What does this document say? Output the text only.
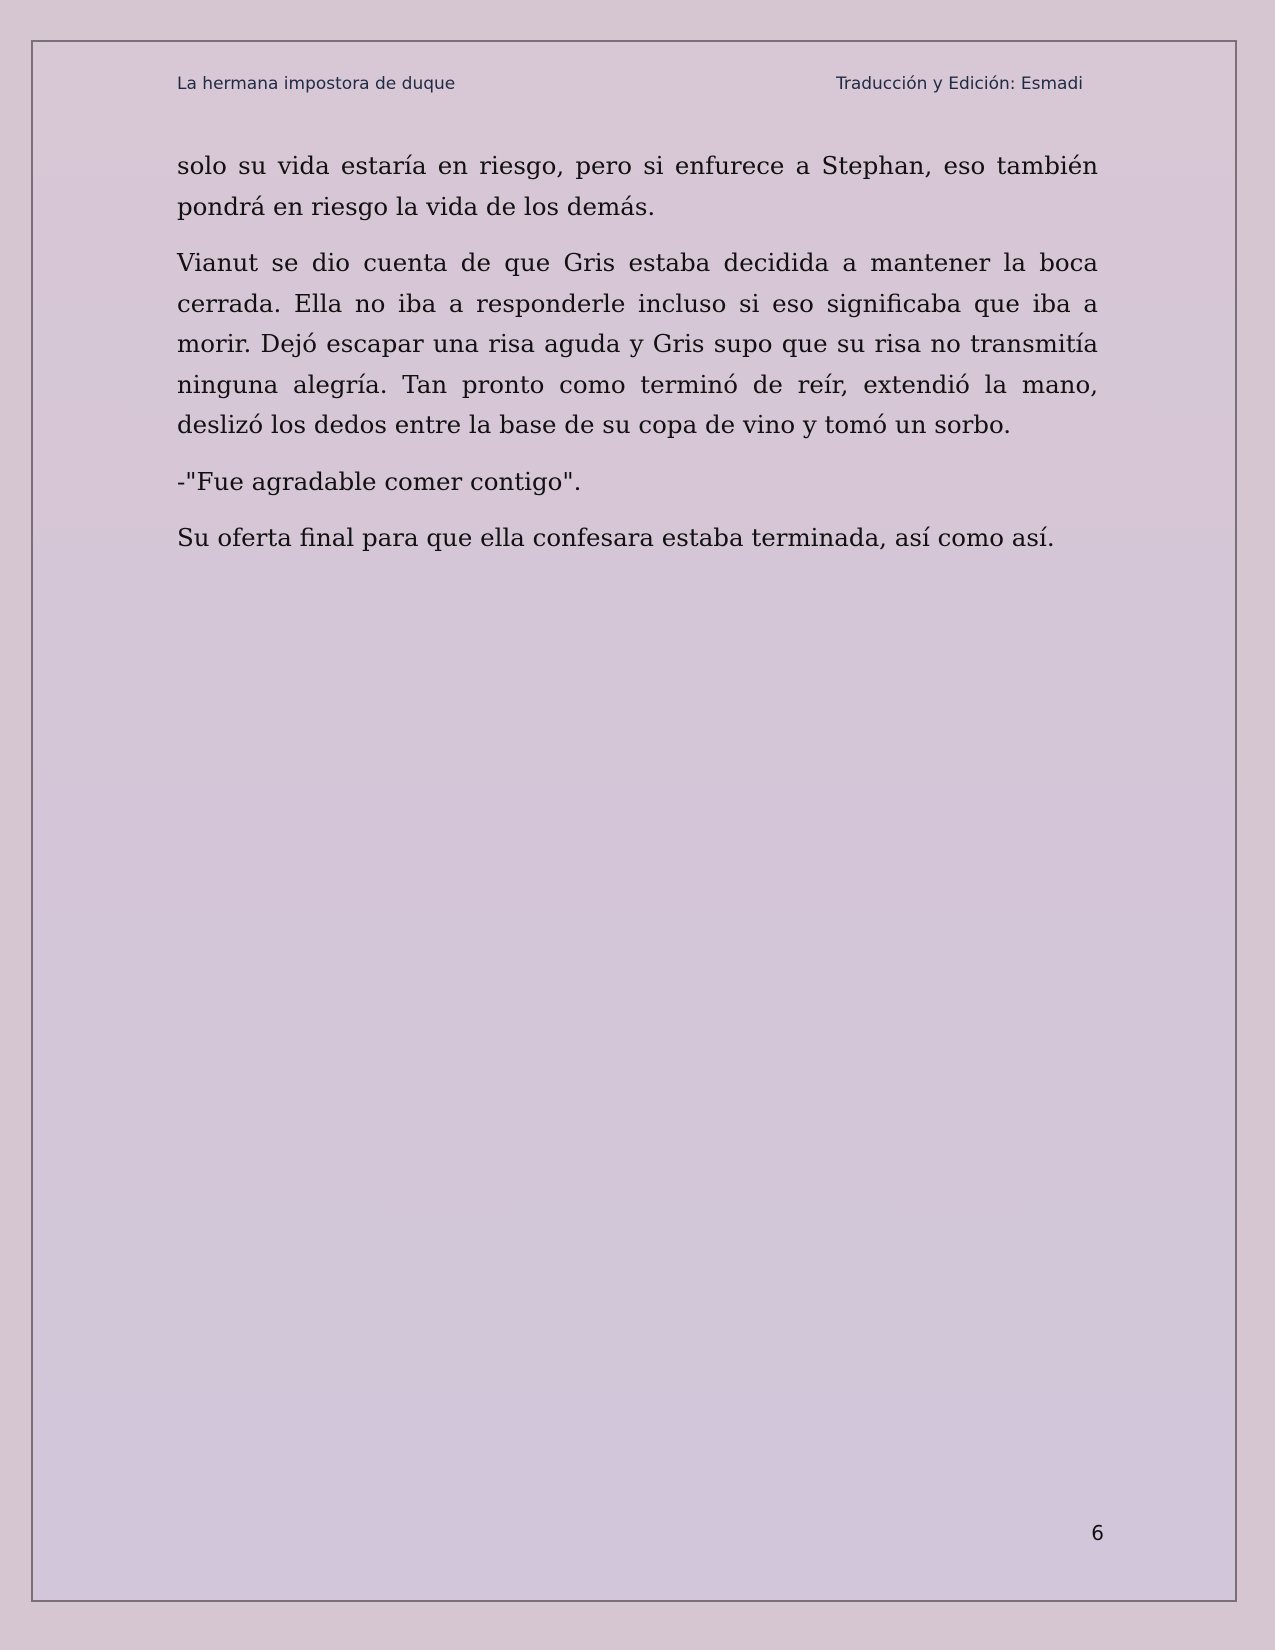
La hermana impostora de duque	Traducción y Edición: Esmadi

solo su vida estaría en riesgo, pero si enfurece a Stephan, eso también pondrá en riesgo la vida de los demás.

Vianut se dio cuenta de que Gris estaba decidida a mantener la boca cerrada. Ella no iba a responderle incluso si eso significaba que iba a morir. Dejó escapar una risa aguda y Gris supo que su risa no transmitía ninguna alegría. Tan pronto como terminó de reír, extendió la mano, deslizó los dedos entre la base de su copa de vino y tomó un sorbo.

-"Fue agradable comer contigo".

Su oferta final para que ella confesara estaba terminada, así como así.

6
